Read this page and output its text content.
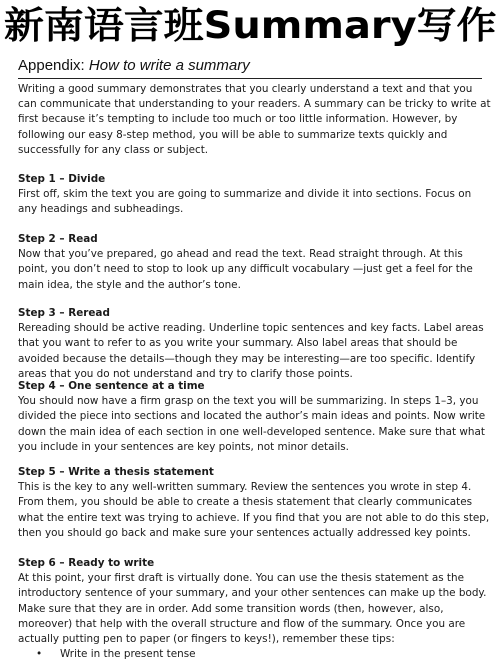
新南语言班Summary写作
Appendix: How to write a summary

Writing a good summary demonstrates that you clearly understand a text and that you can communicate that understanding to your readers. A summary can be tricky to write at first because it’s tempting to include too much or too little information. However, by following our easy 8-step method, you will be able to summarize texts quickly and successfully for any class or subject.

Step 1 – Divide

First off, skim the text you are going to summarize and divide it into sections. Focus on any headings and subheadings.

Step 2 – Read

Now that you’ve prepared, go ahead and read the text. Read straight through. At this point, you don’t need to stop to look up any difficult vocabulary —just get a feel for the main idea, the style and the author’s tone.

Step 3 – Reread

Rereading should be active reading. Underline topic sentences and key facts. Label areas that you want to refer to as you write your summary. Also label areas that should be avoided because the details—though they may be interesting—are too specific. Identify areas that you do not understand and try to clarify those points.

Step 4 – One sentence at a time

You should now have a firm grasp on the text you will be summarizing. In steps 1–3, you divided the piece into sections and located the author’s main ideas and points. Now write down the main idea of each section in one well-developed sentence. Make sure that what you include in your sentences are key points, not minor details.

Step 5 – Write a thesis statement

This is the key to any well-written summary. Review the sentences you wrote in step 4. From them, you should be able to create a thesis statement that clearly communicates what the entire text was trying to achieve. If you find that you are not able to do this step, then you should go back and make sure your sentences actually addressed key points.

Step 6 – Ready to write

At this point, your first draft is virtually done. You can use the thesis statement as the introductory sentence of your summary, and your other sentences can make up the body. Make sure that they are in order. Add some transition words (then, however, also, moreover) that help with the overall structure and flow of the summary. Once you are actually putting pen to paper (or fingers to keys!), remember these tips:

• Write in the present tense
